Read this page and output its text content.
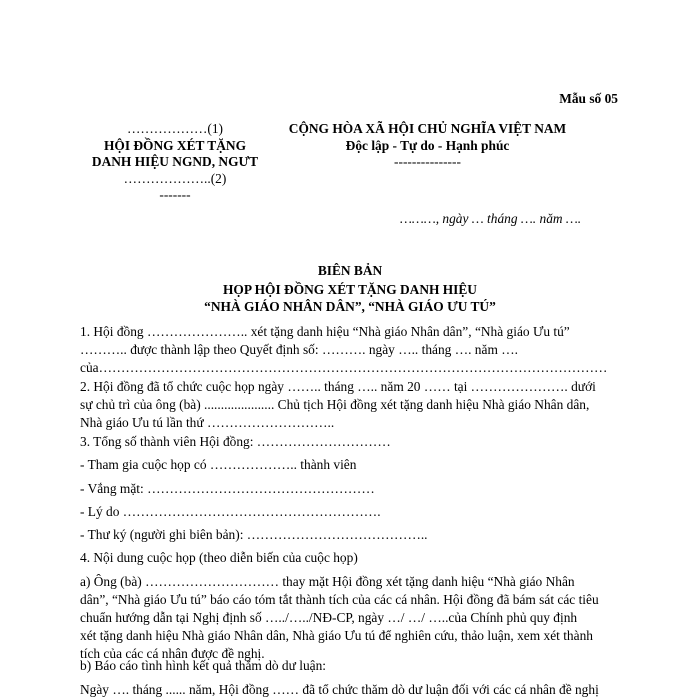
Mẫu số 05
………………(1)
HỘI ĐỒNG XÉT TẶNG
DANH HIỆU NGND, NGƯT
………………..(2)
-------
CỘNG HÒA XÃ HỘI CHỦ NGHĨA VIỆT NAM
Độc lập - Tự do - Hạnh phúc
---------------
………, ngày … tháng …. năm ….
BIÊN BẢN
HỌP HỘI ĐỒNG XÉT TẶNG DANH HIỆU
“NHÀ GIÁO NHÂN DÂN”, “NHÀ GIÁO ƯU TÚ”
1. Hội đồng ………………….. xét tặng danh hiệu “Nhà giáo Nhân dân”, “Nhà giáo Ưu tú”
……….. được thành lập theo Quyết định số: ………. ngày ….. tháng …. năm ….
của……………………………………………………………………………………………………
2. Hội đồng đã tổ chức cuộc họp ngày …….. tháng ….. năm 20 …… tại …………………. dưới
sự chủ trì của ông (bà) ..................... Chủ tịch Hội đồng xét tặng danh hiệu Nhà giáo Nhân dân,
Nhà giáo Ưu tú lần thứ ………………………..
3. Tổng số thành viên Hội đồng: …………………………
- Tham gia cuộc họp có ……………….. thành viên
- Vắng mặt: ……………………………………………
- Lý do ………………………………………………….
- Thư ký (người ghi biên bản): …………………………………..
4. Nội dung cuộc họp (theo diễn biến của cuộc họp)
a) Ông (bà) ………………………… thay mặt Hội đồng xét tặng danh hiệu “Nhà giáo Nhân
dân”, “Nhà giáo Ưu tú” báo cáo tóm tắt thành tích của các cá nhân. Hội đồng đã bám sát các tiêu
chuẩn hướng dẫn tại Nghị định số …../…../NĐ-CP, ngày …/ …/ …..của Chính phủ quy định
xét tặng danh hiệu Nhà giáo Nhân dân, Nhà giáo Ưu tú để nghiên cứu, thảo luận, xem xét thành
tích của các cá nhân được đề nghị.
b) Báo cáo tình hình kết quả thăm dò dư luận:
Ngày …. tháng ...... năm, Hội đồng …… đã tổ chức thăm dò dư luận đối với các cá nhân đề nghị
